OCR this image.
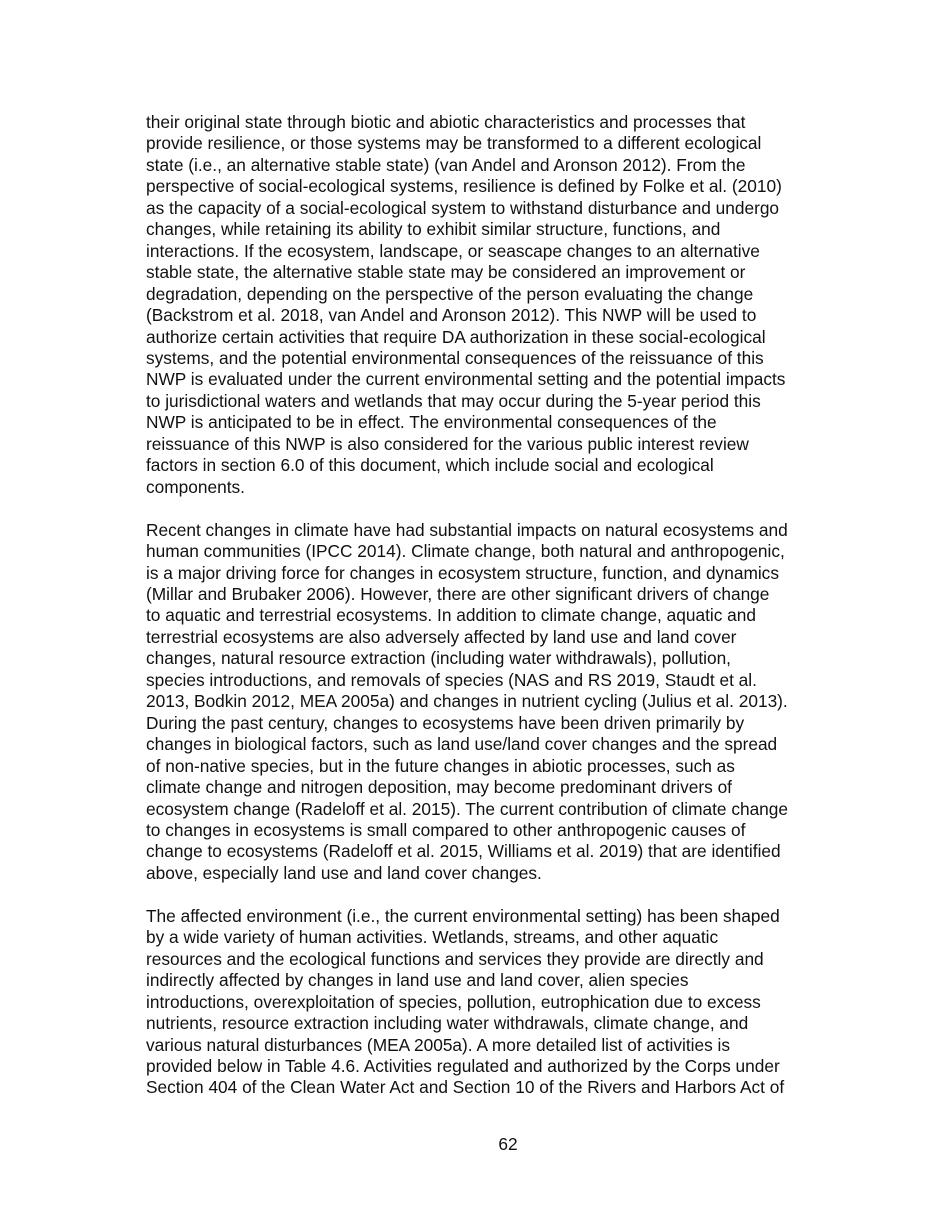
their original state through biotic and abiotic characteristics and processes that
provide resilience, or those systems may be transformed to a different ecological
state (i.e., an alternative stable state) (van Andel and Aronson 2012). From the
perspective of social-ecological systems, resilience is defined by Folke et al. (2010)
as the capacity of a social-ecological system to withstand disturbance and undergo
changes, while retaining its ability to exhibit similar structure, functions, and
interactions. If the ecosystem, landscape, or seascape changes to an alternative
stable state, the alternative stable state may be considered an improvement or
degradation, depending on the perspective of the person evaluating the change
(Backstrom et al. 2018, van Andel and Aronson 2012). This NWP will be used to
authorize certain activities that require DA authorization in these social-ecological
systems, and the potential environmental consequences of the reissuance of this
NWP is evaluated under the current environmental setting and the potential impacts
to jurisdictional waters and wetlands that may occur during the 5-year period this
NWP is anticipated to be in effect. The environmental consequences of the
reissuance of this NWP is also considered for the various public interest review
factors in section 6.0 of this document, which include social and ecological
components.

Recent changes in climate have had substantial impacts on natural ecosystems and
human communities (IPCC 2014). Climate change, both natural and anthropogenic,
is a major driving force for changes in ecosystem structure, function, and dynamics
(Millar and Brubaker 2006). However, there are other significant drivers of change
to aquatic and terrestrial ecosystems. In addition to climate change, aquatic and
terrestrial ecosystems are also adversely affected by land use and land cover
changes, natural resource extraction (including water withdrawals), pollution,
species introductions, and removals of species (NAS and RS 2019, Staudt et al.
2013, Bodkin 2012, MEA 2005a) and changes in nutrient cycling (Julius et al. 2013).
During the past century, changes to ecosystems have been driven primarily by
changes in biological factors, such as land use/land cover changes and the spread
of non-native species, but in the future changes in abiotic processes, such as
climate change and nitrogen deposition, may become predominant drivers of
ecosystem change (Radeloff et al. 2015). The current contribution of climate change
to changes in ecosystems is small compared to other anthropogenic causes of
change to ecosystems (Radeloff et al. 2015, Williams et al. 2019) that are identified
above, especially land use and land cover changes.

The affected environment (i.e., the current environmental setting) has been shaped
by a wide variety of human activities. Wetlands, streams, and other aquatic
resources and the ecological functions and services they provide are directly and
indirectly affected by changes in land use and land cover, alien species
introductions, overexploitation of species, pollution, eutrophication due to excess
nutrients, resource extraction including water withdrawals, climate change, and
various natural disturbances (MEA 2005a). A more detailed list of activities is
provided below in Table 4.6. Activities regulated and authorized by the Corps under
Section 404 of the Clean Water Act and Section 10 of the Rivers and Harbors Act of

62
